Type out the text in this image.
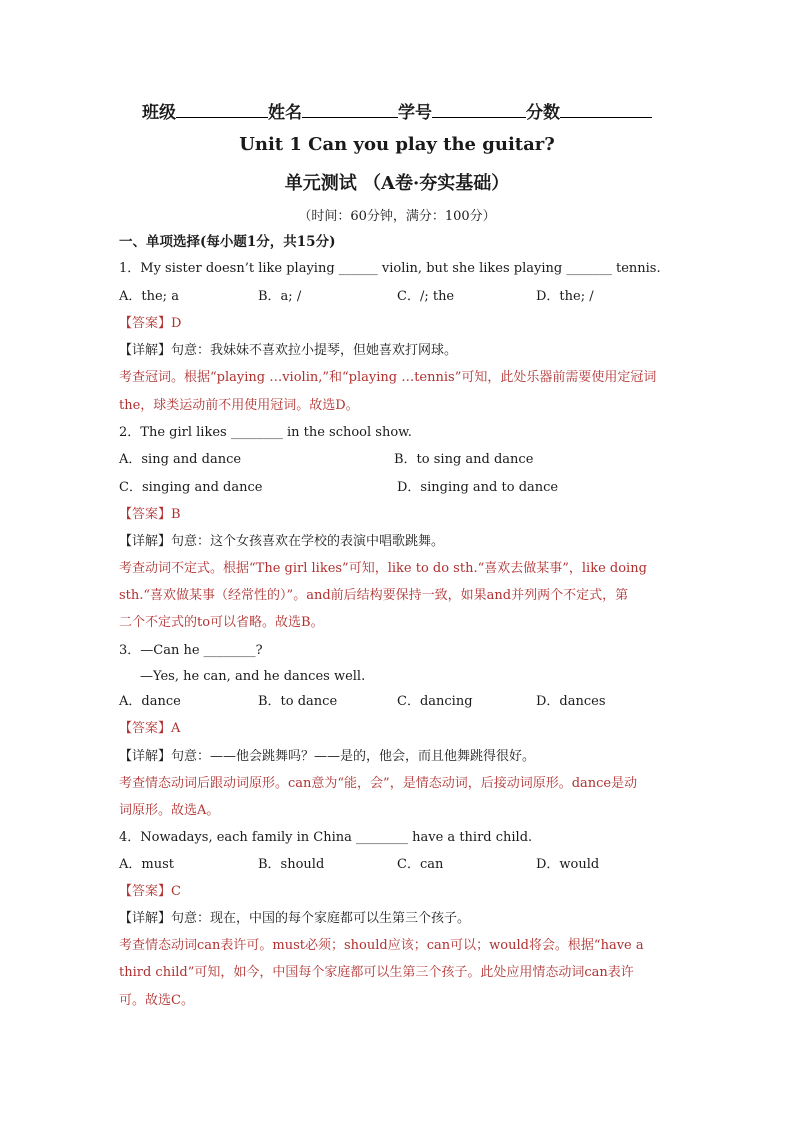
班级	姓名	学号	分数
Unit 1 Can you play the guitar?
单元测试 （A卷·夯实基础）
（时间：60分钟，满分：100分）
一、单项选择(每小题1分，共15分)
1．My sister doesn’t like playing ______ violin, but she likes playing _______ tennis.
A．the; a	B．a; /	C．/; the	D．the; /
【答案】D
【详解】句意：我妹妹不喜欢拉小提琴，但她喜欢打网球。
考查冠词。根据“playing …violin,”和“playing …tennis”可知，此处乐器前需要使用定冠词
the，球类运动前不用使用冠词。故选D。
2．The girl likes ________ in the school show.
A．sing and dance	B．to sing and dance
C．singing and dance	D．singing and to dance
【答案】B
【详解】句意：这个女孩喜欢在学校的表演中唱歌跳舞。
考查动词不定式。根据“The girl likes”可知，like to do sth.“喜欢去做某事”，like doing
sth.“喜欢做某事（经常性的）”。and前后结构要保持一致，如果and并列两个不定式，第
二个不定式的to可以省略。故选B。
3．—Can he ________?
—Yes, he can, and he dances well.
A．dance	B．to dance	C．dancing	D．dances
【答案】A
【详解】句意：——他会跳舞吗？——是的，他会，而且他舞跳得很好。
考查情态动词后跟动词原形。can意为“能，会”，是情态动词，后接动词原形。dance是动
词原形。故选A。
4．Nowadays, each family in China ________ have a third child.
A．must	B．should	C．can	D．would
【答案】C
【详解】句意：现在，中国的每个家庭都可以生第三个孩子。
考查情态动词can表许可。must必须；should应该；can可以；would将会。根据“have a
third child”可知，如今，中国每个家庭都可以生第三个孩子。此处应用情态动词can表许
可。故选C。
